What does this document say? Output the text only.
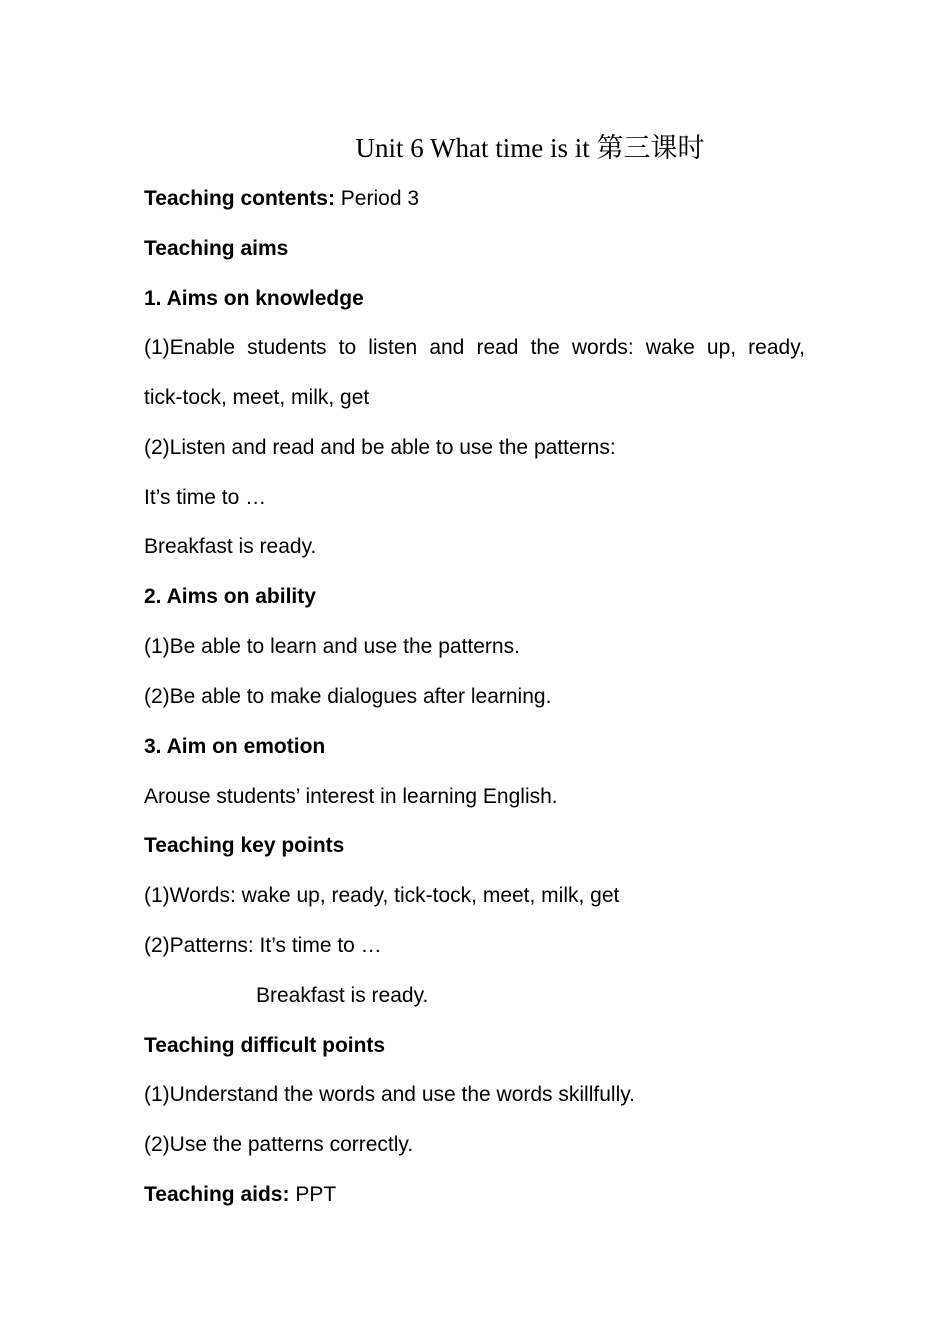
Unit 6 What time is it 第三课时
Teaching contents: Period 3
Teaching aims
1. Aims on knowledge
(1)Enable students to listen and read the words: wake up, ready,
tick-tock, meet, milk, get
(2)Listen and read and be able to use the patterns:
It’s time to …
Breakfast is ready.
2. Aims on ability
(1)Be able to learn and use the patterns.
(2)Be able to make dialogues after learning.
3. Aim on emotion
Arouse students’ interest in learning English.
Teaching key points
(1)Words: wake up, ready, tick-tock, meet, milk, get
(2)Patterns: It’s time to …
Breakfast is ready.
Teaching difficult points
(1)Understand the words and use the words skillfully.
(2)Use the patterns correctly.
Teaching aids: PPT
